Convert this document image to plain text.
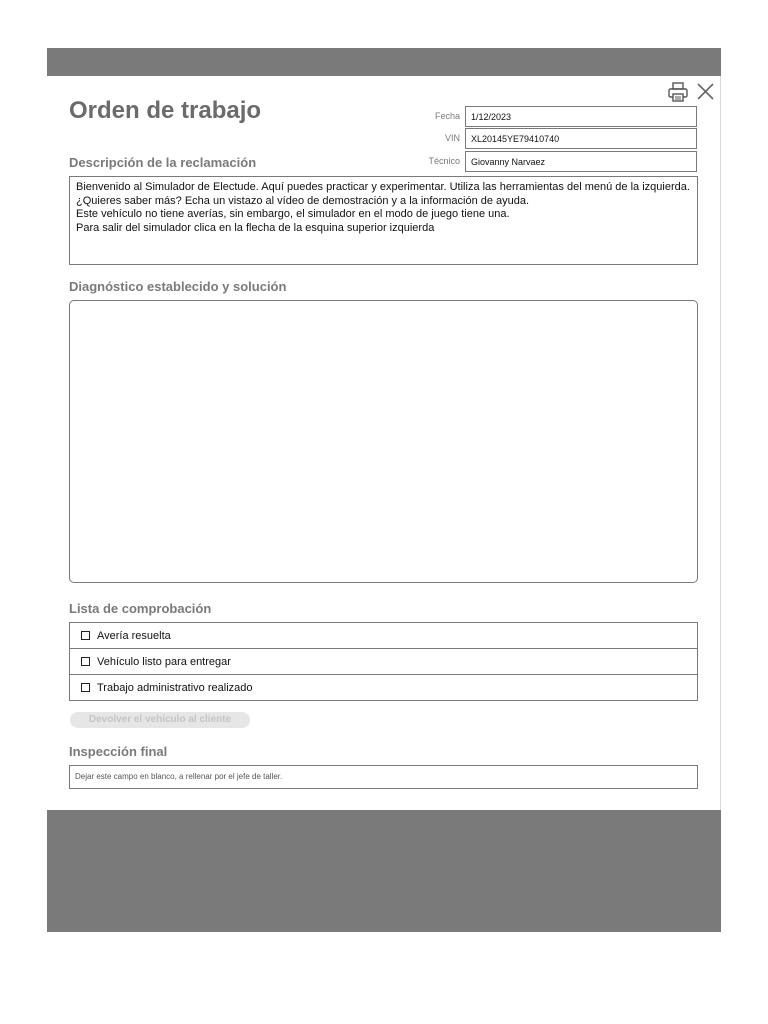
Orden de trabajo	Fecha	1/12/2023
VIN	XL20145YE79410740
Técnico	Giovanny Narvaez
Descripción de la reclamación
Bienvenido al Simulador de Electude. Aquí puedes practicar y experimentar. Utiliza las herramientas del menú de la izquierda.
¿Quieres saber más? Echa un vistazo al vídeo de demostración y a la información de ayuda.
Este vehículo no tiene averías, sin embargo, el simulador en el modo de juego tiene una.
Para salir del simulador clica en la flecha de la esquina superior izquierda
Diagnóstico establecido y solución
Lista de comprobación
Avería resuelta
Vehículo listo para entregar
Trabajo administrativo realizado
Devolver el vehículo al cliente
Inspección final
Dejar este campo en blanco, a rellenar por el jefe de taller.
